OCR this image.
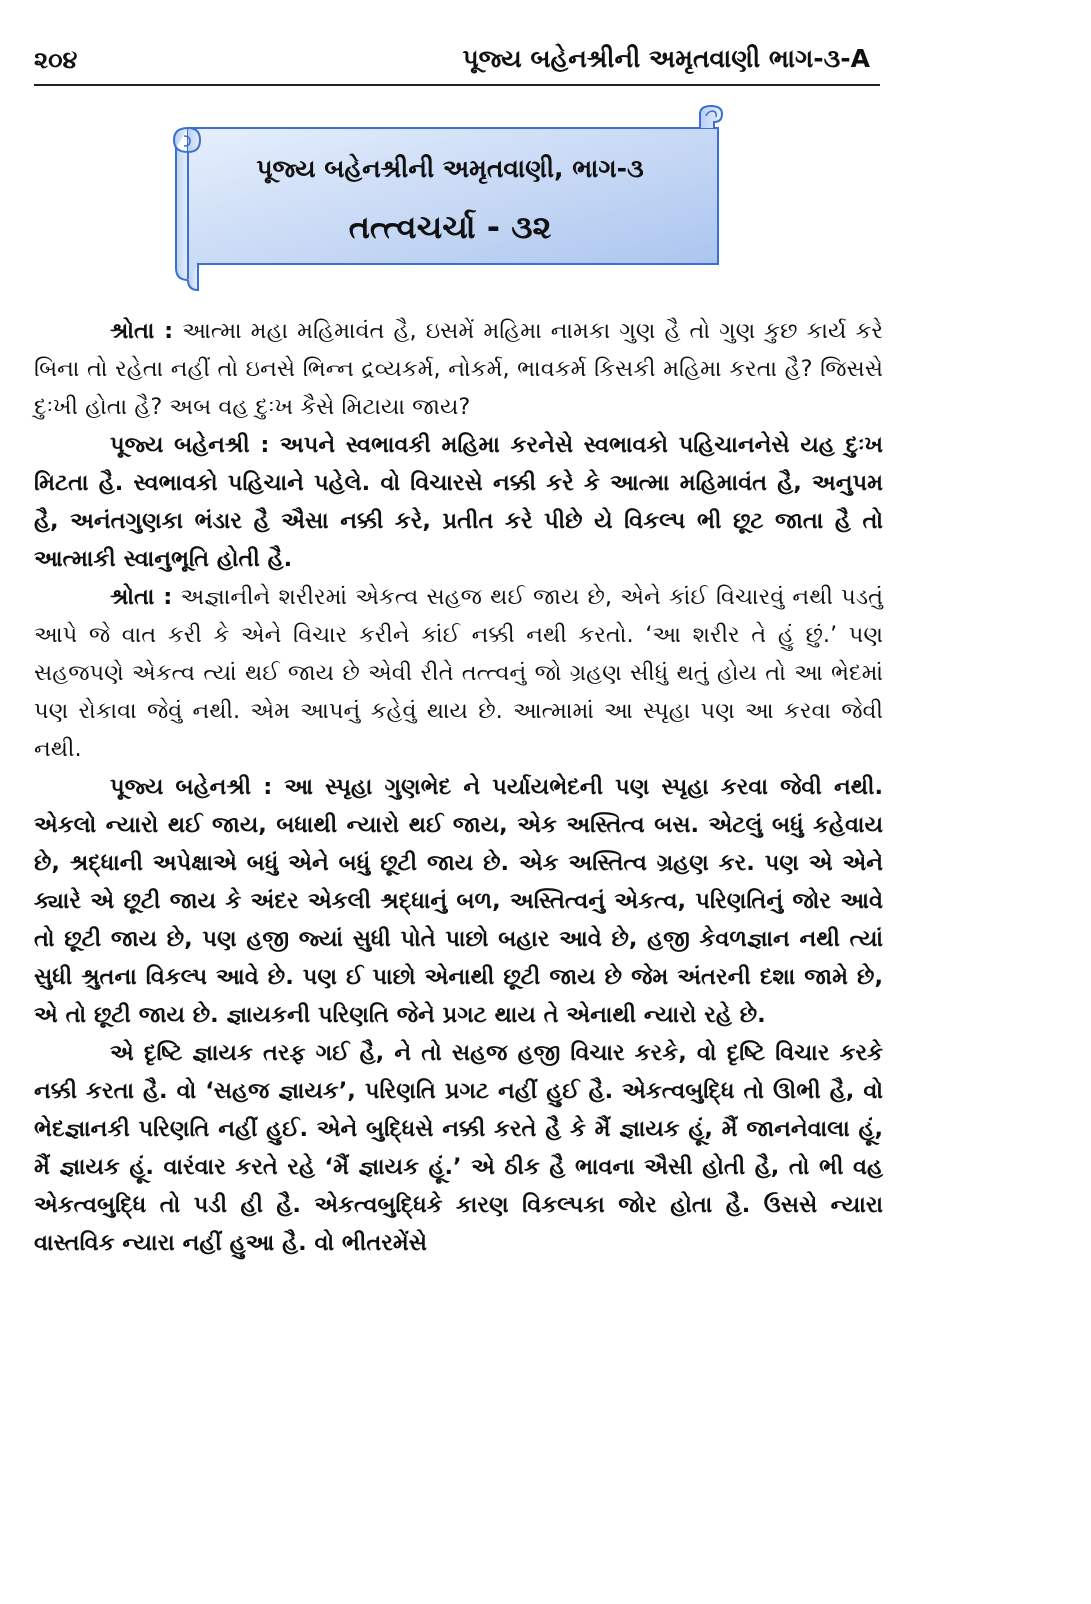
૨૦૪	પૂજ્ય બહેનશ્રીની અમૃતવાણી ભાગ-૩-A
પૂજ્ય બહેનશ્રીની અમૃતવાણી, ભાગ-૩
તત્ત્વચર્ચા - ૩૨

શ્રોતા : આત્મા મહા મહિમાવંત હૈ, ઇસમેં મહિમા નામકા ગુણ હૈ તો ગુણ કુછ કાર્ય કરે બિના તો રહેતા નહીં તો ઇનસે ભિન્ન દ્રવ્યકર્મ, નોકર્મ, ભાવકર્મ કિસકી મહિમા કરતા હૈ? જિસસે દુઃખી હોતા હૈ? અબ વહ દુઃખ કૈસે મિટાયા જાય?

પૂજ્ય બહેનશ્રી : અપને સ્વભાવકી મહિમા કરનેસે સ્વભાવકો પહિચાનનેસે યહ દુઃખ મિટતા હૈ. સ્વભાવકો પહિચાને પહેલે. વો વિચારસે નક્કી કરે કે આત્મા મહિમાવંત હૈ, અનુપમ હૈ, અનંતગુણકા ભંડાર હૈ ઐસા નક્કી કરે, પ્રતીત કરે પીછે યે વિકલ્પ ભી છૂટ જાતા હૈ તો આત્માકી સ્વાનુભૂતિ હોતી હૈ.

શ્રોતા : અજ્ઞાનીને શરીરમાં એકત્વ સહજ થઈ જાય છે, એને કાંઈ વિચારવું નથી પડતું આપે જે વાત કરી કે એને વિચાર કરીને કાંઈ નક્કી નથી કરતો. ‘આ શરીર તે હું છું.’ પણ સહજપણે એકત્વ ત્યાં થઈ જાય છે એવી રીતે તત્ત્વનું જો ગ્રહણ સીધું થતું હોય તો આ ભેદમાં પણ રોકાવા જેવું નથી. એમ આપનું કહેવું થાય છે. આત્મામાં આ સ્પૃહા પણ આ કરવા જેવી નથી.

પૂજ્ય બહેનશ્રી : આ સ્પૃહા ગુણભેદ ને પર્યાયભેદની પણ સ્પૃહા કરવા જેવી નથી. એકલો ન્યારો થઈ જાય, બધાથી ન્યારો થઈ જાય, એક અસ્તિત્વ બસ. એટલું બધું કહેવાય છે, શ્રદ્ધાની અપેક્ષાએ બધું એને બધું છૂટી જાય છે. એક અસ્તિત્વ ગ્રહણ કર. પણ એ એને ક્યારે એ છૂટી જાય કે અંદર એકલી શ્રદ્ધાનું બળ, અસ્તિત્વનું એકત્વ, પરિણતિનું જોર આવે તો છૂટી જાય છે, પણ હજી જ્યાં સુધી પોતે પાછો બહાર આવે છે, હજી કેવળજ્ઞાન નથી ત્યાં સુધી શ્રુતના વિકલ્પ આવે છે. પણ ઈ પાછો એનાથી છૂટી જાય છે જેમ અંતરની દશા જામે છે, એ તો છૂટી જાય છે. જ્ઞાયકની પરિણતિ જેને પ્રગટ થાય તે એનાથી ન્યારો રહે છે.

એ દૃષ્ટિ જ્ઞાયક તરફ ગઈ હૈ, ને તો સહજ હજી વિચાર કરકે, વો દૃષ્ટિ વિચાર કરકે નક્કી કરતા હૈ. વો ‘સહજ જ્ઞાયક’, પરિણતિ પ્રગટ નહીં હુઈ હૈ. એકત્વબુદ્ધિ તો ઊભી હૈ, વો ભેદજ્ઞાનકી પરિણતિ નહીં હુઈ. એને બુદ્ધિસે નક્કી કરતે હૈ કે મૈં જ્ઞાયક હૂં, મૈં જાનનેવાલા હૂં, મૈં જ્ઞાયક હૂં. વારંવાર કરતે રહે ‘મૈં જ્ઞાયક હૂં.’ એ ઠીક હૈ ભાવના ઐસી હોતી હૈ, તો ભી વહ એકત્વબુદ્ધિ તો પડી હી હૈ. એકત્વબુદ્ધિકે કારણ વિકલ્પકા જોર હોતા હૈ. ઉસસે ન્યારા વાસ્તવિક ન્યારા નહીં હુઆ હૈ. વો ભીતરમેંસે
